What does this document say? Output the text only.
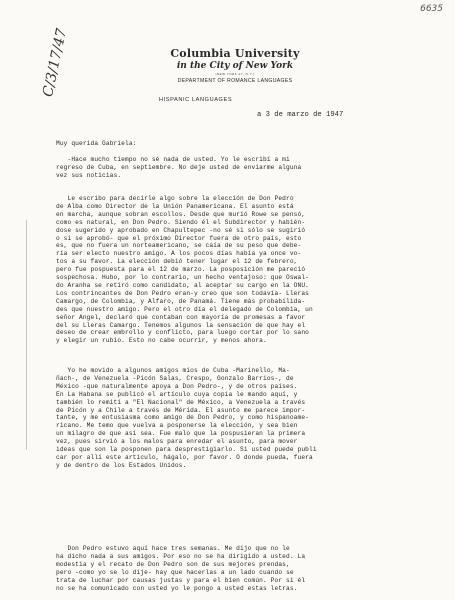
6635
C/3/17/47	Columbia University
in the City of New York
[NEW YORK 27, N.Y.]
DEPARTMENT OF ROMANCE LANGUAGES
HISPANIC LANGUAGES
a 3 de marzo de 1947
Muy querida Gabriela:
-Hace mucho tiempo no sé nada de usted. Yo le escribí a mi
regreso de Cuba, en septiembre. No deje usted de enviarme alguna
vez sus noticias.
Le escribo para decirle algo sobre la elección de Don Pedro
de Alba como Director de la Unión Panamericana. El asunto está
en marcha, aunque sobran escollos. Desde que murió Rowe se pensó,
como es natural, en Don Pedro. Siendo él el Subdirector y habién-
dose sugerido y aprobado en Chapultepec -no sé si sólo se sugirió
o si se aprobó- que el próximo Director fuera de otro país, esto
es, que no fuera un norteamericano, se caía de su peso que debe-
ría ser electo nuestro amigo. A los pocos días había ya once vo-
tos a su favor. La elección debió tener lugar el 12 de febrero,
pero fue pospuesta para el 12 de marzo. La posposición me pareció
sospechosa. Hubo, por lo contrario, un hecho ventajoso: que Oswal-
do Aranha se retiró como candidato, al aceptar su cargo en la ONU.
Los contrincantes de Don Pedro eran-y creo que son todavía- Lleras
Camargo, de Colombia, y Alfaro, de Panamá. Tiene más probabilida-
des que nuestro amigo. Pero el otro día el delegado de Colombia, un
señor Angel, declaró que contaban con mayoría de promesas a favor
del su Lleras Camargo. Tenemos algunos la sensación de que hay el
deseo de crear embrollo y conflicto, para luego cortar por lo sano
y elegir un rubio. Esto no cabe ocurrir, y menos ahora.
Yo he movido a algunos amigos míos de Cuba -Marinello, Ma-
ñach-, de Venezuela -Picón Salas, Crespo, Gonzalo Barrios-, de
México -que naturalmente apoya a Don Pedro-, y de otros países.
En La Habana se publicó el artículo cuya copia le mando aquí, y
también lo remití a "El Nacional" de México, a Venezuela a través
de Picón y a Chile a través de Mérida. El asunto me parece impor-
tante, y me entusiasma como amigo de Don Pedro, y como hispanoame-
ricano. Me temo que vuelva a posponerse la elección, y sea bien
un milagro de que así sea. Fue malo que la pospusieran la primera
vez, pues sirvió a los malos para enredar el asunto, para mover
ideas que son la posponen para desprestigiarlo. Si usted puede publi
car por allí este artículo, hágalo, por favor. O donde pueda, fuera
y de dentro de los Estados Unidos.
Don Pedro estuvo aquí hace tres semanas. Me dijo que no le
ha dicho nada a sus amigos. Por eso no se ha dirigido a usted. La
modestia y el recato de Don Pedro son de sus mejores prendas,
pero -como yo se lo dije- hay que hacerlas a un lado cuando se
trata de luchar por causas justas y para el bien común. Por si él
no se ha comunicado con usted yo le pongo a usted estas letras.
